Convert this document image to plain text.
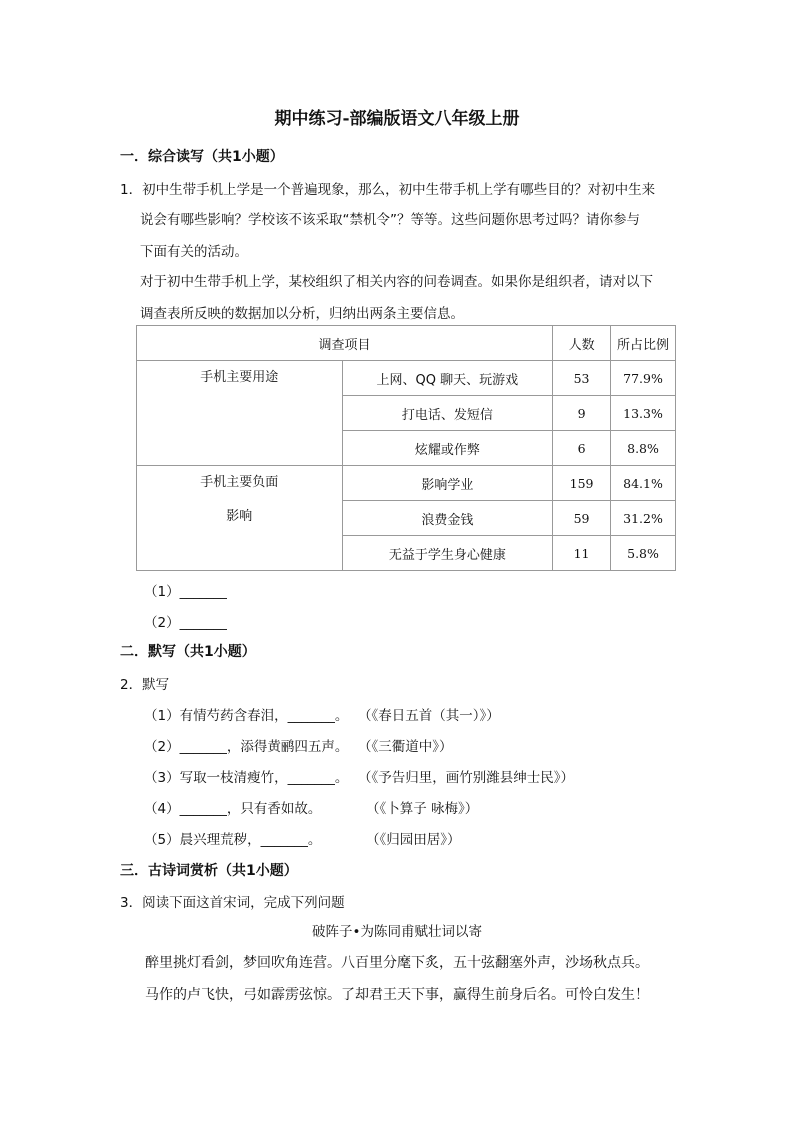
期中练习-部编版语文八年级上册
一．综合读写（共1小题）
1．初中生带手机上学是一个普遍现象，那么，初中生带手机上学有哪些目的？对初中生来
说会有哪些影响？学校该不该采取“禁机令”？等等。这些问题你思考过吗？请你参与
下面有关的活动。
对于初中生带手机上学，某校组织了相关内容的问卷调查。如果你是组织者，请对以下
调查表所反映的数据加以分析，归纳出两条主要信息。
调查项目		人数	所占比例

手机主要用途	上网、QQ 聊天、玩游戏	53	77.9%
	打电话、发短信	9	13.3%
	炫耀或作弊	6	8.8%

手机主要负面
影响	影响学业	159	84.1%
	浪费金钱	59	31.2%
	无益于学生身心健康	11	5.8%
（1）_______
（2）_______
二．默写（共1小题）
2．默写
（1）有情芍药含春泪，_______。 （《春日五首（其一）》）
（2）_______，添得黄鹂四五声。 （《三衢道中》）
（3）写取一枝清瘦竹，_______。 （《予告归里，画竹别潍县绅士民》）
（4）_______，只有香如故。	（《卜算子 咏梅》）
（5）晨兴理荒秽，_______。	（《归园田居》）
三．古诗词赏析（共1小题）
3．阅读下面这首宋词，完成下列问题
破阵子•为陈同甫赋壮词以寄
醉里挑灯看剑，梦回吹角连营。八百里分麾下炙，五十弦翻塞外声，沙场秋点兵。
马作的卢飞快，弓如霹雳弦惊。了却君王天下事，赢得生前身后名。可怜白发生！
